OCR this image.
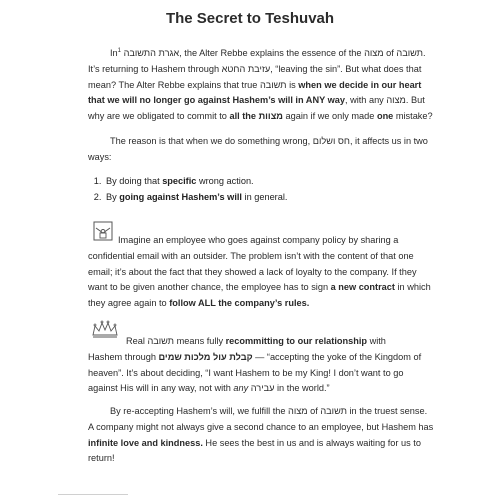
The Secret to Teshuvah
In$^1$ אגרת התשובה, the Alter Rebbe explains the essence of the מצוה of תשובה.
It’s returning to Hashem through עזיבת החטא, “leaving the sin”. But what does that
mean? The Alter Rebbe explains that true תשובה is when we decide in our heart
that we will no longer go against Hashem’s will in ANY way, with any מצוה. But
why are we obligated to commit to all the מצוות again if we only made one mistake?
The reason is that when we do something wrong, חס ושלום, it affects us in two
ways:
1. By doing that specific wrong action.
2. By going against Hashem’s will in general.
Imagine an employee who goes against company policy by sharing a
confidential email with an outsider. The problem isn’t with the content of that one
email; it’s about the fact that they showed a lack of loyalty to the company. If they
want to be given another chance, the employee has to sign a new contract in which
they agree again to follow ALL the company’s rules.
Real תשובה means fully recommitting to our relationship with
Hashem through קבלת עול מלכות שמים — “accepting the yoke of the Kingdom of
heaven”. It’s about deciding, “I want Hashem to be my King! I don’t want to go
against His will in any way, not with any עבירה in the world.”
By re-accepting Hashem’s will, we fulfill the מצוה of תשובה in the truest sense.
A company might not always give a second chance to an employee, but Hashem has
infinite love and kindness. He sees the best in us and is always waiting for us to
return!
